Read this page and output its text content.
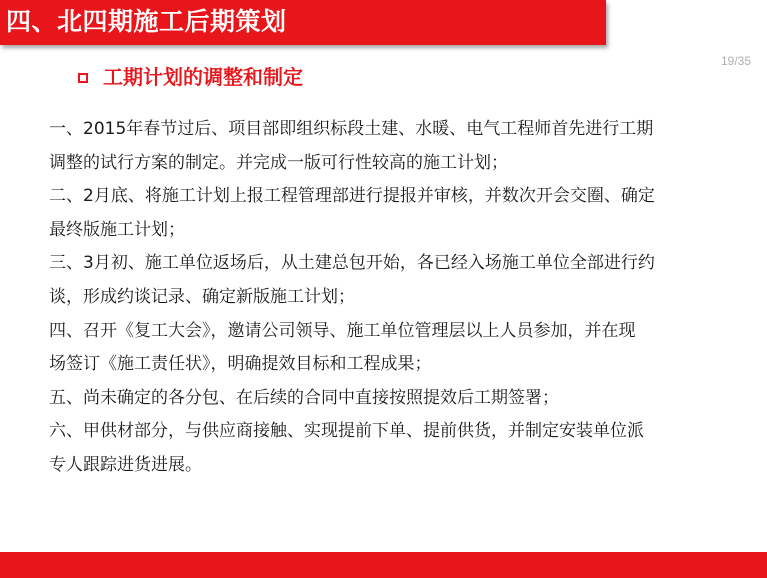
四、北四期施工后期策划
19/35
工期计划的调整和制定
一、2015年春节过后、项目部即组织标段土建、水暖、电气工程师首先进行工期
调整的试行方案的制定。并完成一版可行性较高的施工计划；
二、2月底、将施工计划上报工程管理部进行提报并审核，并数次开会交圈、确定
最终版施工计划；
三、3月初、施工单位返场后，从土建总包开始，各已经入场施工单位全部进行约
谈，形成约谈记录、确定新版施工计划；
四、召开《复工大会》，邀请公司领导、施工单位管理层以上人员参加，并在现
场签订《施工责任状》，明确提效目标和工程成果；
五、尚未确定的各分包、在后续的合同中直接按照提效后工期签署；
六、甲供材部分，与供应商接触、实现提前下单、提前供货，并制定安装单位派
专人跟踪进货进展。
